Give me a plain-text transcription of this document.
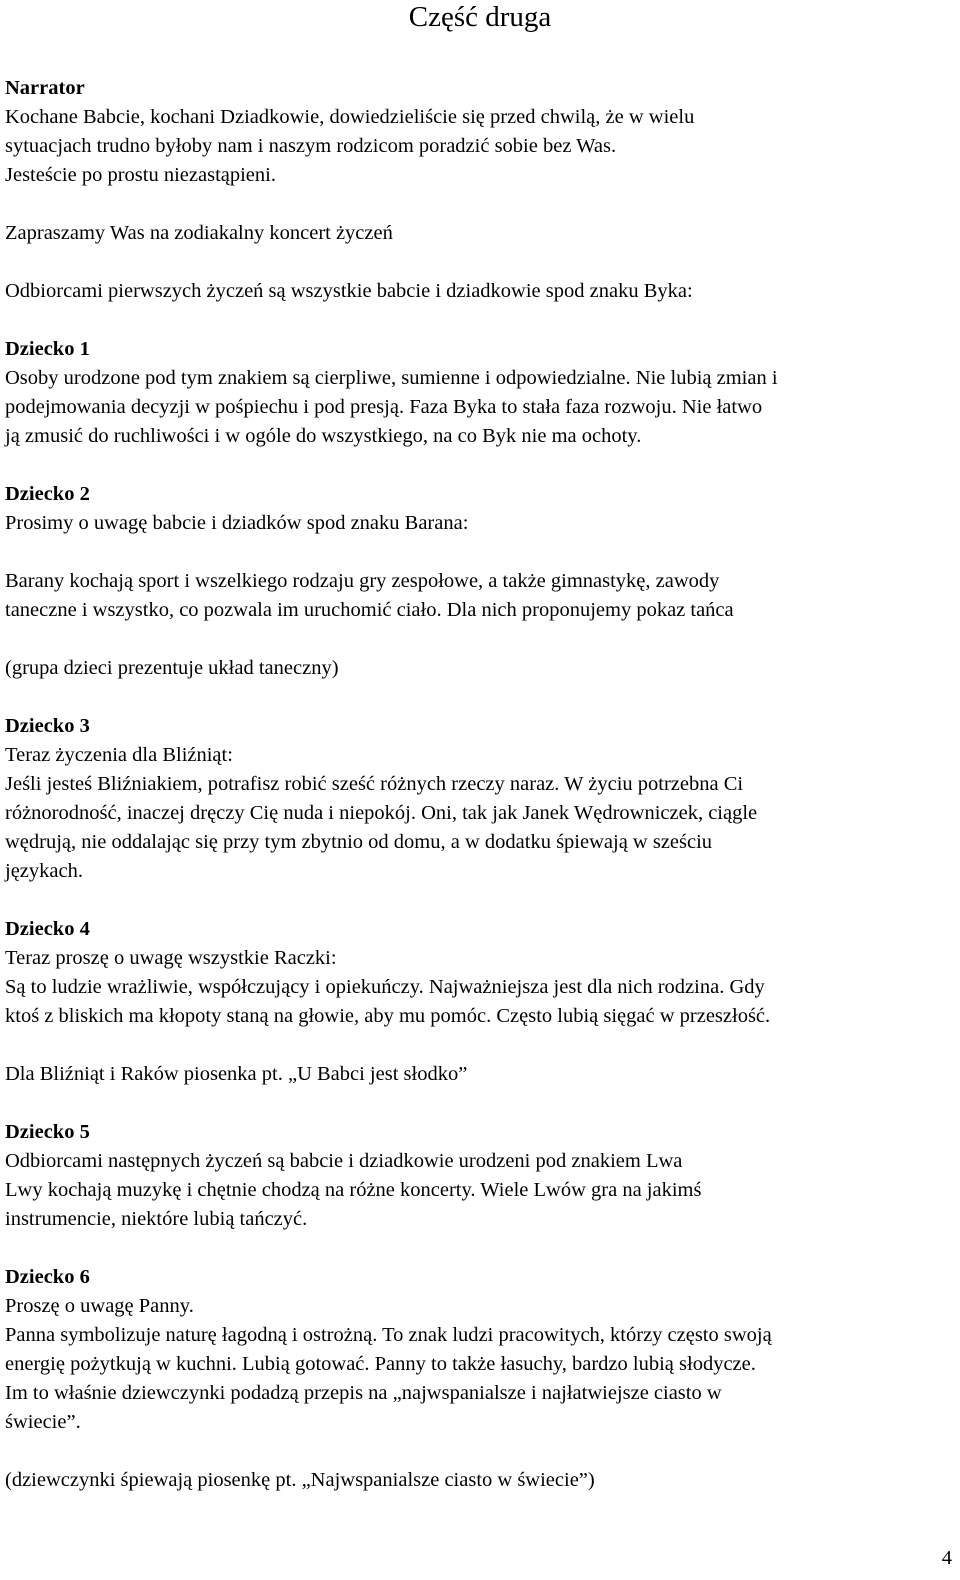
Część druga

Narrator

Kochane Babcie, kochani Dziadkowie, dowiedzieliście się przed chwilą, że w wielu
sytuacjach trudno byłoby nam i naszym rodzicom poradzić sobie bez Was.
Jesteście po prostu niezastąpieni.

Zapraszamy Was na zodiakalny koncert życzeń

Odbiorcami pierwszych życzeń są wszystkie babcie i dziadkowie spod znaku Byka:

Dziecko 1

Osoby urodzone pod tym znakiem są cierpliwe, sumienne i odpowiedzialne. Nie lubią zmian i
podejmowania decyzji w pośpiechu i pod presją. Faza Byka to stała faza rozwoju. Nie łatwo
ją zmusić do ruchliwości i w ogóle do wszystkiego, na co Byk nie ma ochoty.

Dziecko 2

Prosimy o uwagę babcie i dziadków spod znaku Barana:

Barany kochają sport i wszelkiego rodzaju gry zespołowe, a także gimnastykę, zawody
taneczne i wszystko, co pozwala im uruchomić ciało. Dla nich proponujemy pokaz tańca

(grupa dzieci prezentuje układ taneczny)

Dziecko 3

Teraz życzenia dla Bliźniąt:

Jeśli jesteś Bliźniakiem, potrafisz robić sześć różnych rzeczy naraz. W życiu potrzebna Ci
różnorodność, inaczej dręczy Cię nuda i niepokój. Oni, tak jak Janek Wędrowniczek, ciągle
wędrują, nie oddalając się przy tym zbytnio od domu, a w dodatku śpiewają w sześciu
językach.

Dziecko 4

Teraz proszę o uwagę wszystkie Raczki:

Są to ludzie wrażliwie, współczujący i opiekuńczy. Najważniejsza jest dla nich rodzina. Gdy
ktoś z bliskich ma kłopoty staną na głowie, aby mu pomóc. Często lubią sięgać w przeszłość.

Dla Bliźniąt i Raków piosenka pt. „U Babci jest słodko”

Dziecko 5

Odbiorcami następnych życzeń są babcie i dziadkowie urodzeni pod znakiem Lwa
Lwy kochają muzykę i chętnie chodzą na różne koncerty. Wiele Lwów gra na jakimś
instrumencie, niektóre lubią tańczyć.

Dziecko 6

Proszę o uwagę Panny.

Panna symbolizuje naturę łagodną i ostrożną. To znak ludzi pracowitych, którzy często swoją
energię pożytkują w kuchni. Lubią gotować. Panny to także łasuchy, bardzo lubią słodycze.
Im to właśnie dziewczynki podadzą przepis na „najwspanialsze i najłatwiejsze ciasto w
świecie”.

(dziewczynki śpiewają piosenkę pt. „Najwspanialsze ciasto w świecie”)

4
